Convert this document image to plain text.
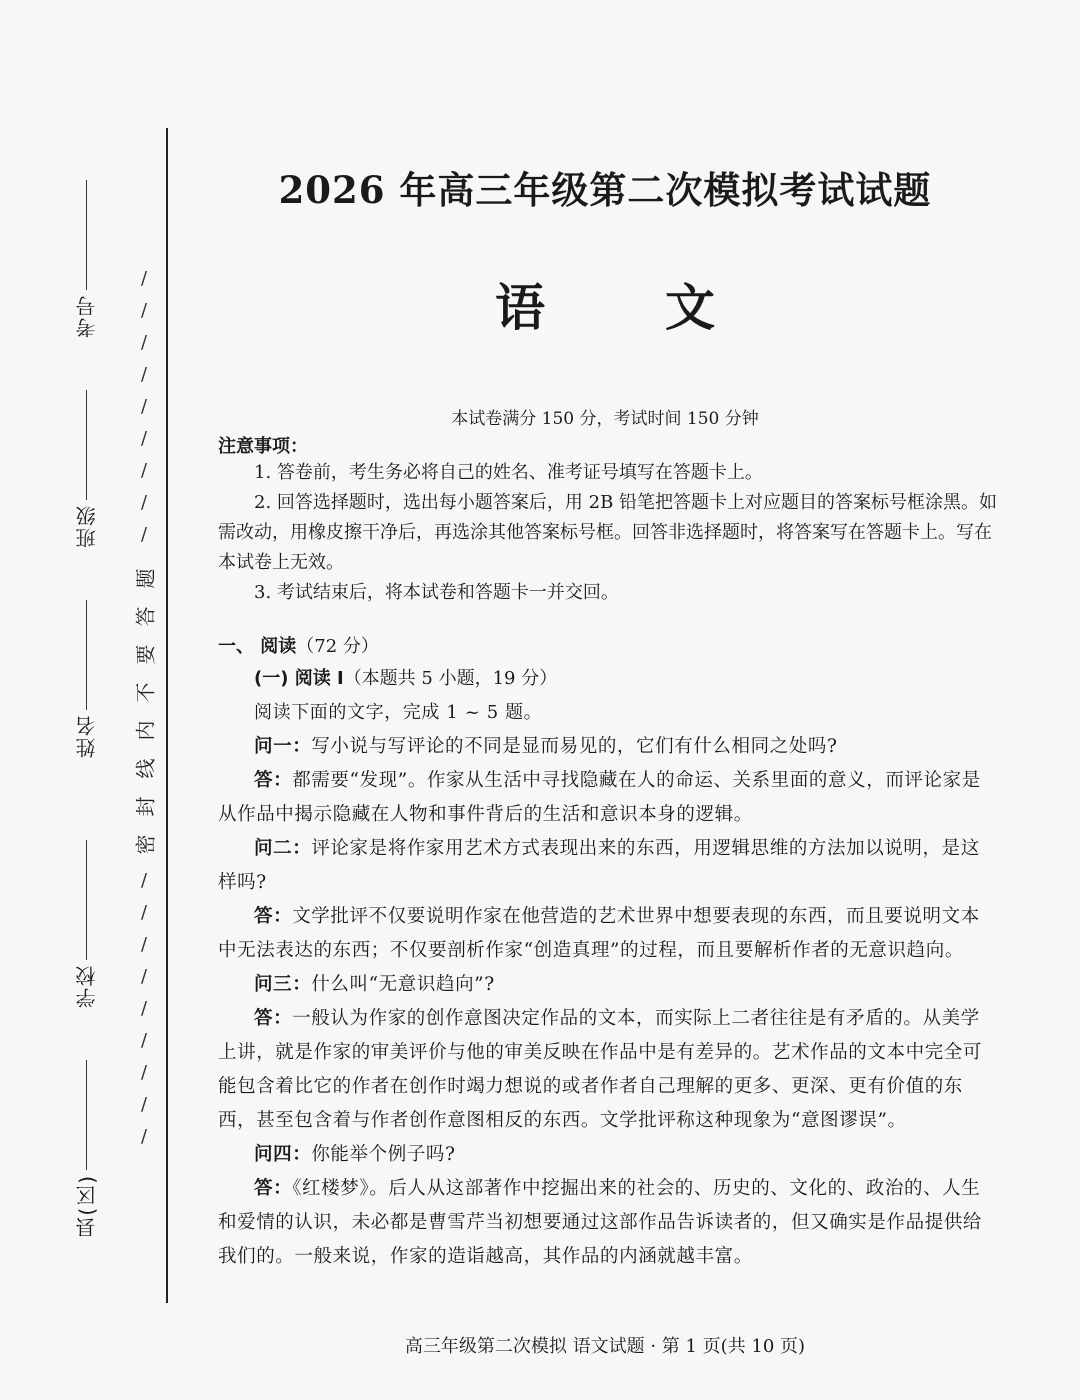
考号
班级
姓名
学校
县(区)
/
/
/
/
/
/
/
/
/
题
答
要
不
内
线
封
密
/
/
/
/
/
/
/
/
/
2026 年高三年级第二次模拟考试试题
语 文
本试卷满分 150 分，考试时间 150 分钟
注意事项：
1. 答卷前，考生务必将自己的姓名、准考证号填写在答题卡上。
2. 回答选择题时，选出每小题答案后，用 2B 铅笔把答题卡上对应题目的答案标号框涂黑。如需改动，用橡皮擦干净后，再选涂其他答案标号框。回答非选择题时，将答案写在答题卡上。写在本试卷上无效。
3. 考试结束后，将本试卷和答题卡一并交回。
一、 阅读（72 分）
(一) 阅读 I（本题共 5 小题，19 分）
阅读下面的文字，完成 1 ~ 5 题。
问一：写小说与写评论的不同是显而易见的，它们有什么相同之处吗?
答：都需要“发现”。作家从生活中寻找隐藏在人的命运、关系里面的意义，而评论家是从作品中揭示隐藏在人物和事件背后的生活和意识本身的逻辑。
问二：评论家是将作家用艺术方式表现出来的东西，用逻辑思维的方法加以说明，是这样吗?
答：文学批评不仅要说明作家在他营造的艺术世界中想要表现的东西，而且要说明文本中无法表达的东西；不仅要剖析作家“创造真理”的过程，而且要解析作者的无意识趋向。
问三：什么叫“无意识趋向”?
答：一般认为作家的创作意图决定作品的文本，而实际上二者往往是有矛盾的。从美学上讲，就是作家的审美评价与他的审美反映在作品中是有差异的。艺术作品的文本中完全可能包含着比它的作者在创作时竭力想说的或者作者自己理解的更多、更深、更有价值的东西，甚至包含着与作者创作意图相反的东西。文学批评称这种现象为“意图谬误”。
问四：你能举个例子吗?
答：《红楼梦》。后人从这部著作中挖掘出来的社会的、历史的、文化的、政治的、人生和爱情的认识，未必都是曹雪芹当初想要通过这部作品告诉读者的，但又确实是作品提供给我们的。一般来说，作家的造诣越高，其作品的内涵就越丰富。
高三年级第二次模拟 语文试题 · 第 1 页(共 10 页)
